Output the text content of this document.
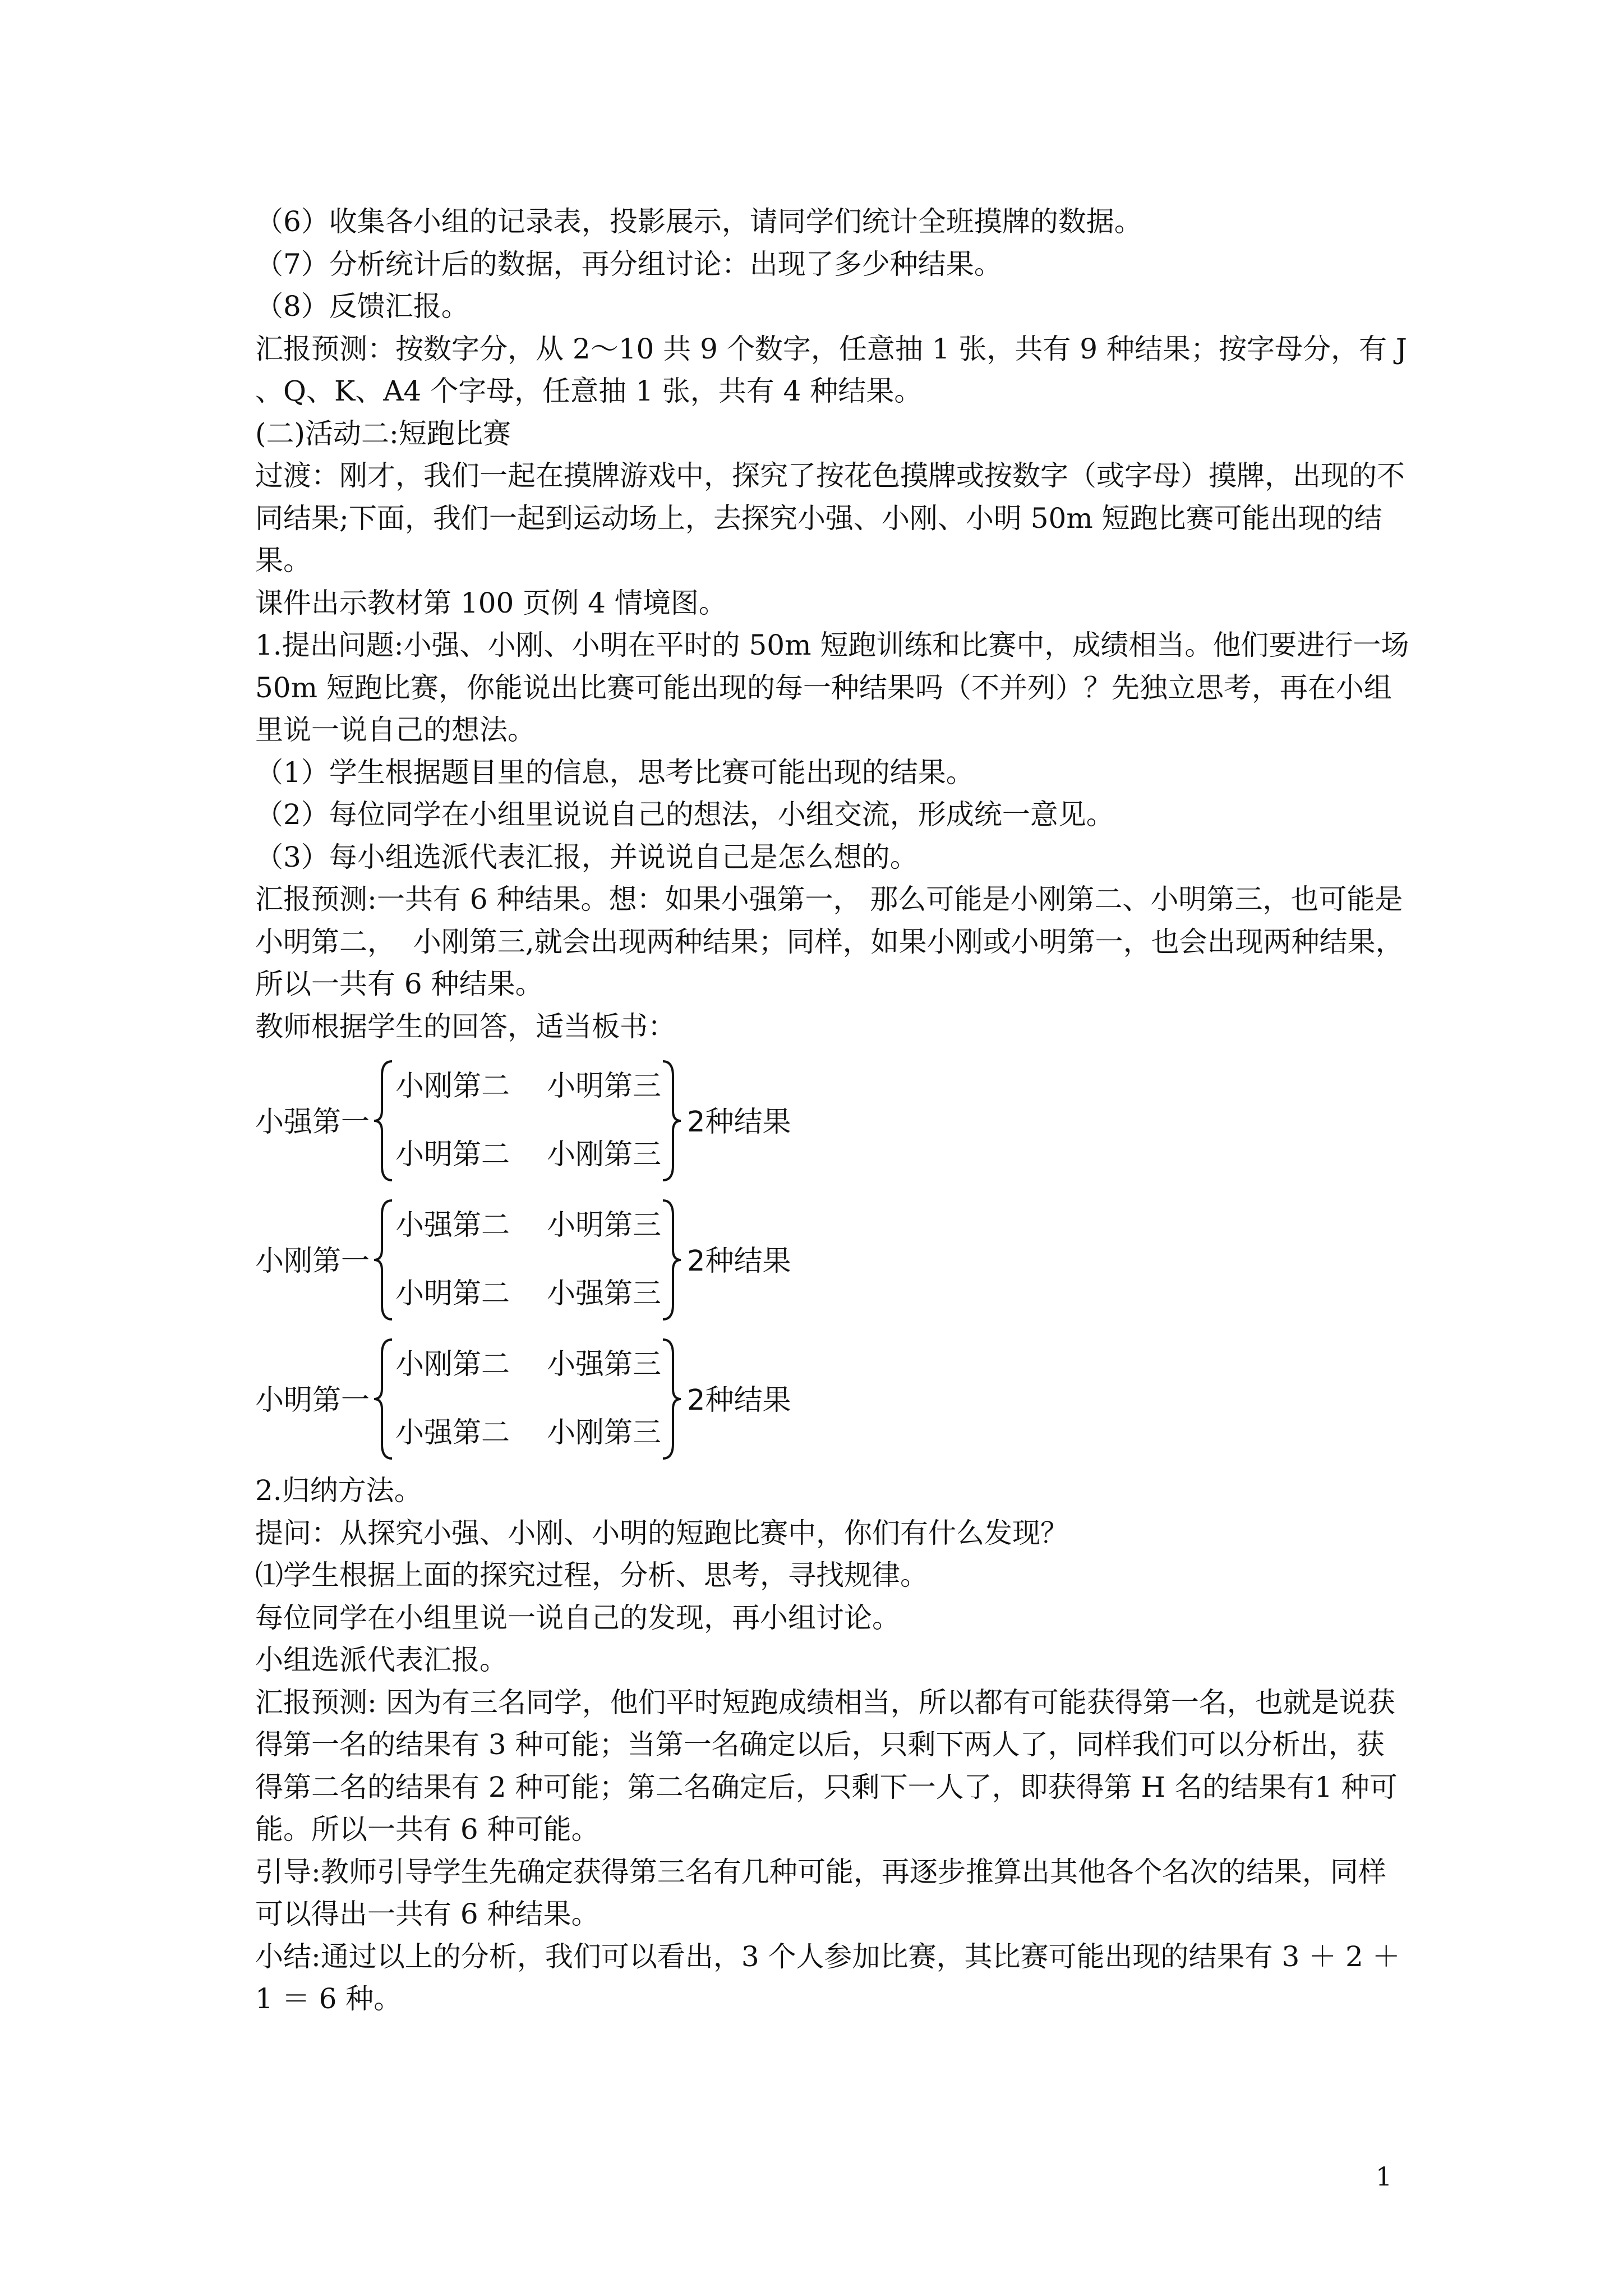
（6）收集各小组的记录表，投影展示，请同学们统计全班摸牌的数据。

（7）分析统计后的数据，再分组讨论：出现了多少种结果。

（8）反馈汇报。

汇报预测：按数字分，从 2～10 共 9 个数字，任意抽 1 张，共有 9 种结果；按字母分，有 J 、Q、K、A4 个字母，任意抽 1 张，共有 4 种结果。

(二)活动二:短跑比赛

过渡：刚才，我们一起在摸牌游戏中，探究了按花色摸牌或按数字（或字母）摸牌，出现的不同结果;下面，我们一起到运动场上，去探究小强、小刚、小明 50m 短跑比赛可能出现的结果。

课件出示教材第 100 页例 4 情境图。

1.提出问题:小强、小刚、小明在平时的 50m 短跑训练和比赛中，成绩相当。他们要进行一场 50m 短跑比赛，你能说出比赛可能出现的每一种结果吗（不并列）？先独立思考，再在小组里说一说自己的想法。

（1）学生根据题目里的信息，思考比赛可能出现的结果。

（2）每位同学在小组里说说自己的想法，小组交流，形成统一意见。

（3）每小组选派代表汇报，并说说自己是怎么想的。

汇报预测:一共有 6 种结果。想：如果小强第一， 那么可能是小刚第二、小明第三，也可能是小明第二，  小刚第三,就会出现两种结果；同样，如果小刚或小明第一，也会出现两种结果，所以一共有 6 种结果。

教师根据学生的回答，适当板书：

小强第一
小刚第二 小明第三
小明第二 小刚第三
2种结果
小刚第一
小强第二 小明第三
小明第二 小强第三
2种结果
小明第一
小刚第二 小强第三
小强第二 小刚第三
2种结果

2.归纳方法。

提问：从探究小强、小刚、小明的短跑比赛中，你们有什么发现？

⑴学生根据上面的探究过程，分析、思考，寻找规律。

每位同学在小组里说一说自己的发现，再小组讨论。

小组选派代表汇报。

汇报预测: 因为有三名同学，他们平时短跑成绩相当，所以都有可能获得第一名，也就是说获得第一名的结果有 3 种可能；当第一名确定以后，只剩下两人了，同样我们可以分析出，获得第二名的结果有 2 种可能；第二名确定后，只剩下一人了，即获得第 H 名的结果有1 种可能。所以一共有 6 种可能。

引导:教师引导学生先确定获得第三名有几种可能，再逐步推算出其他各个名次的结果，同样可以得出一共有 6 种结果。

小结:通过以上的分析，我们可以看出，3 个人参加比赛，其比赛可能出现的结果有 3 ＋ 2 ＋ 1 ＝ 6 种。

1
